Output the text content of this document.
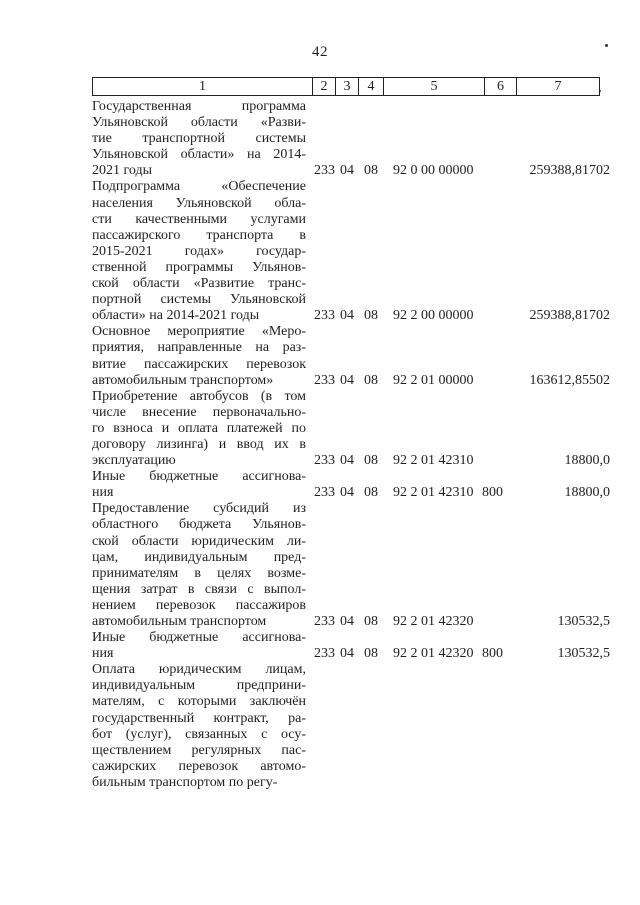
42
1	2	3	4	5	6	7
Государственная программа
Ульяновской области «Разви-
тие транспортной системы
Ульяновской области» на 2014-
2021 годы	233 04 08 92 0 00 00000	259388,81702
Подпрограмма «Обеспечение
населения Ульяновской обла-
сти качественными услугами
пассажирского транспорта в
2015-2021 годах» государ-
ственной программы Ульянов-
ской области «Развитие транс-
портной системы Ульяновской
области» на 2014-2021 годы	233 04 08 92 2 00 00000	259388,81702
Основное мероприятие «Меро-
приятия, направленные на раз-
витие пассажирских перевозок
автомобильным транспортом»	233 04 08 92 2 01 00000	163612,85502
Приобретение автобусов (в том
числе внесение первоначально-
го взноса и оплата платежей по
договору лизинга) и ввод их в
эксплуатацию	233 04 08 92 2 01 42310	18800,0
Иные бюджетные ассигнова-
ния	233 04 08 92 2 01 42310 800	18800,0
Предоставление субсидий из
областного бюджета Ульянов-
ской области юридическим ли-
цам, индивидуальным пред-
принимателям в целях возме-
щения затрат в связи с выпол-
нением перевозок пассажиров
автомобильным транспортом	233 04 08 92 2 01 42320	130532,5
Иные бюджетные ассигнова-
ния	233 04 08 92 2 01 42320 800	130532,5
Оплата юридическим лицам,
индивидуальным предприни-
мателям, с которыми заключён
государственный контракт, ра-
бот (услуг), связанных с осу-
ществлением регулярных пас-
сажирских перевозок автомо-
бильным транспортом по регу-
